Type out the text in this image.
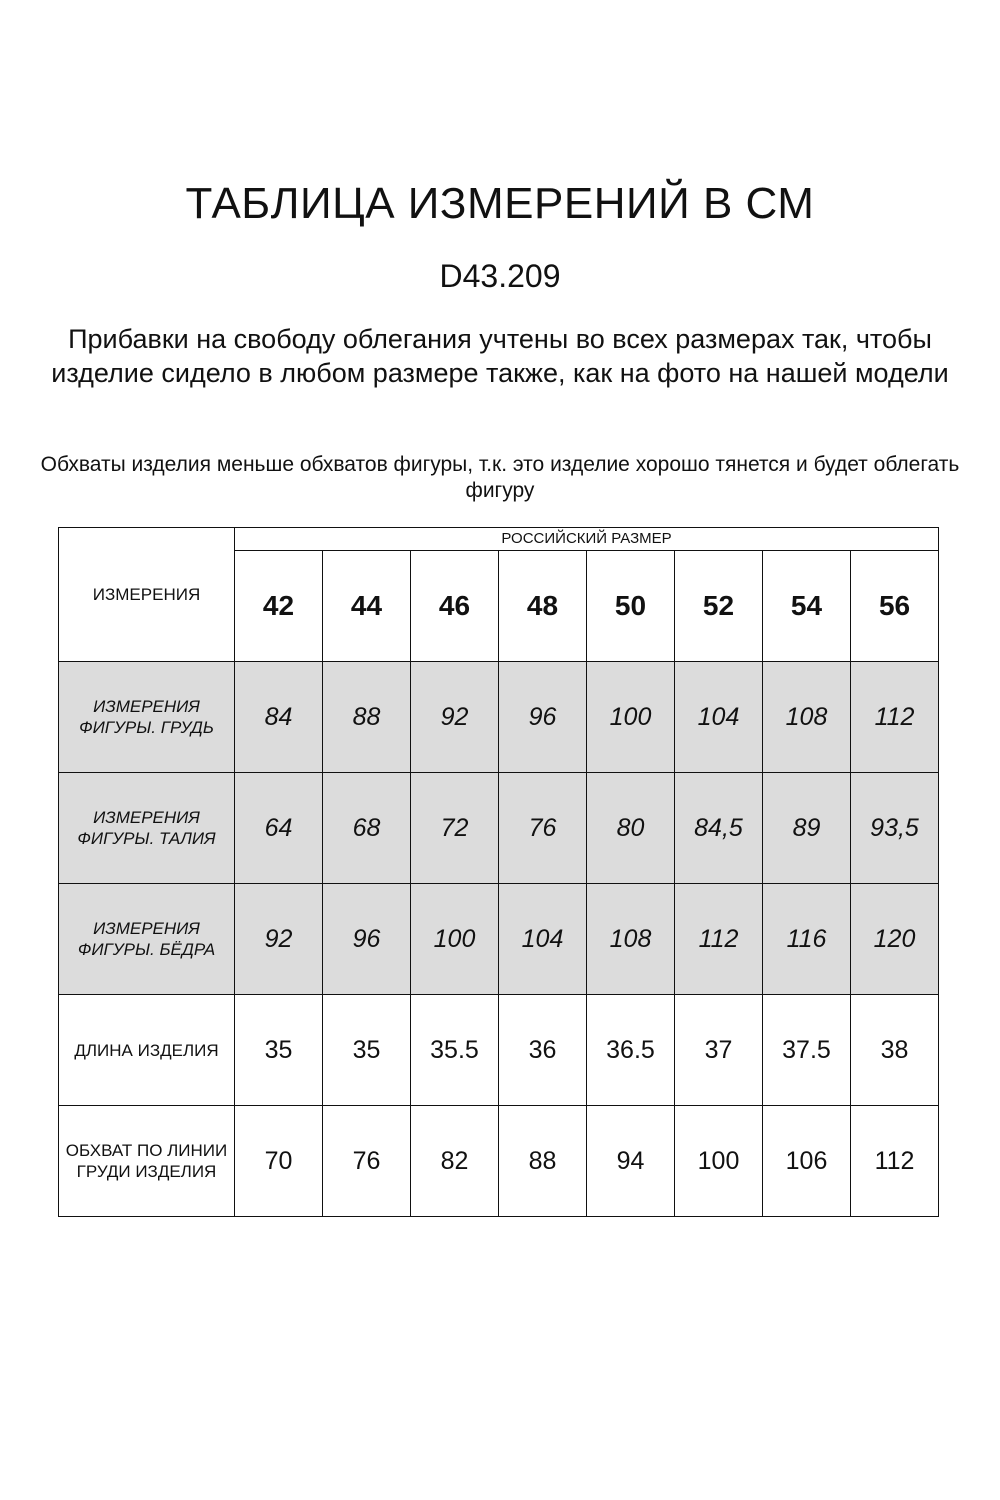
ТАБЛИЦА ИЗМЕРЕНИЙ В СМ
D43.209
Прибавки на свободу облегания учтены во всех размерах так, чтобы изделие сидело в любом размере также, как на фото на нашей модели
Обхваты изделия меньше обхватов фигуры, т.к. это изделие хорошо тянется и будет облегать фигуру
ИЗМЕРЕНИЯ	РОССИЙСКИЙ РАЗМЕР							
	42	44	46	48	50	52	54	56
ИЗМЕРЕНИЯ ФИГУРЫ. ГРУДЬ	84	88	92	96	100	104	108	112
ИЗМЕРЕНИЯ ФИГУРЫ. ТАЛИЯ	64	68	72	76	80	84,5	89	93,5
ИЗМЕРЕНИЯ ФИГУРЫ. БЁДРА	92	96	100	104	108	112	116	120
ДЛИНА ИЗДЕЛИЯ	35	35	35.5	36	36.5	37	37.5	38
ОБХВАТ ПО ЛИНИИ ГРУДИ ИЗДЕЛИЯ	70	76	82	88	94	100	106	112
